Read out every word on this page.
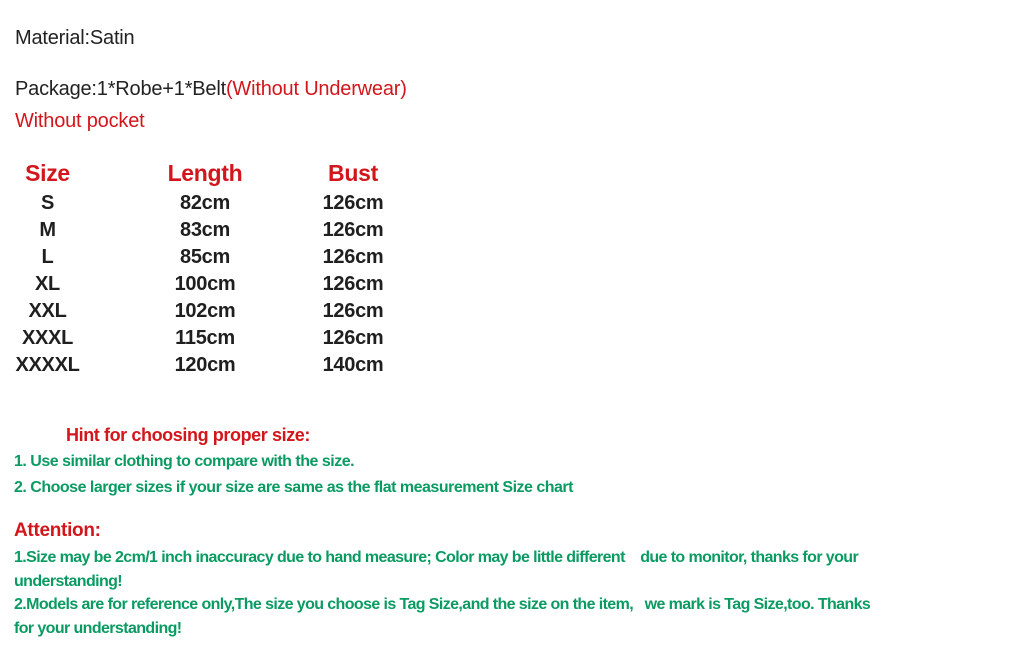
Material:Satin
Package:1*Robe+1*Belt(Without Underwear)
Without pocket
Size	Length	Bust
S	82cm	126cm
M	83cm	126cm
L	85cm	126cm
XL	100cm	126cm
XXL	102cm	126cm
XXXL	115cm	126cm
XXXXL	120cm	140cm
Hint for choosing proper size:
1. Use similar clothing to compare with the size.
2. Choose larger sizes if your size are same as the flat measurement Size chart
Attention:
1.Size may be 2cm/1 inch inaccuracy due to hand measure; Color may be little different    due to monitor, thanks for your
understanding!
2.Models are for reference only,The size you choose is Tag Size,and the size on the item,   we mark is Tag Size,too. Thanks
for your understanding!
